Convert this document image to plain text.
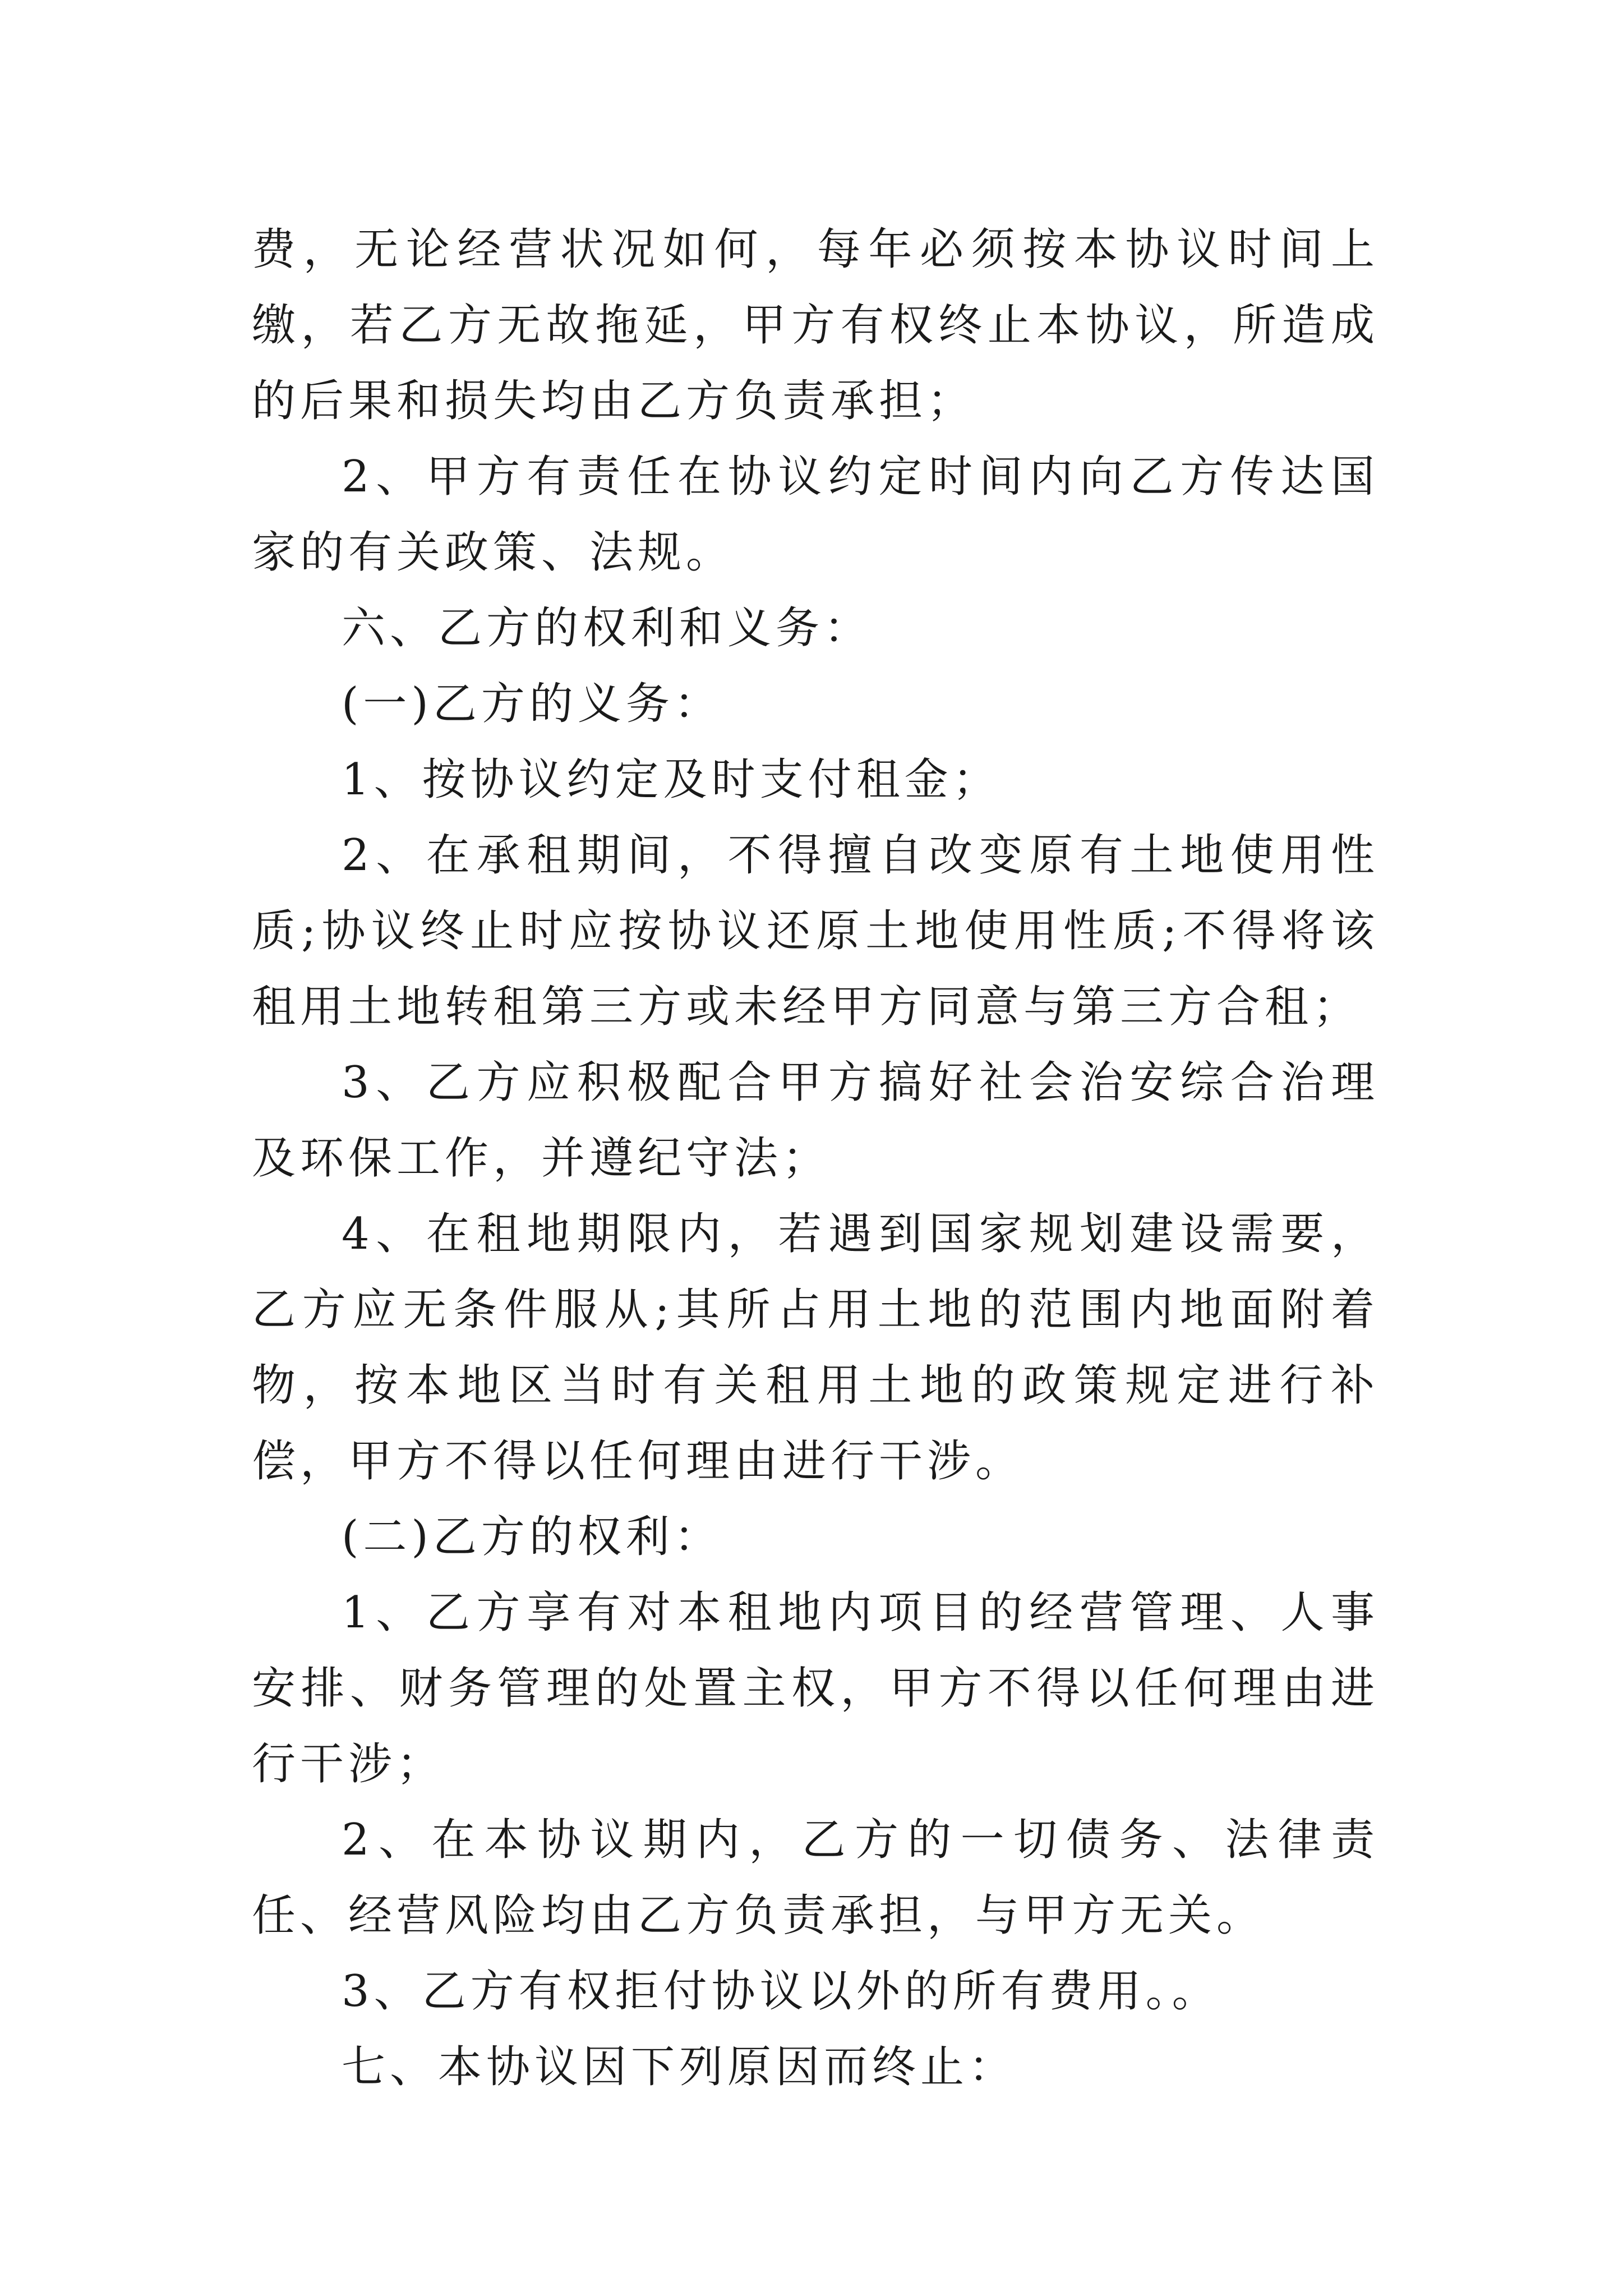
费，无论经营状况如何，每年必须按本协议时间上缴，若乙方无故拖延，甲方有权终止本协议，所造成的后果和损失均由乙方负责承担；

2、甲方有责任在协议约定时间内向乙方传达国家的有关政策、法规。

六、乙方的权利和义务：

(一)乙方的义务：

1、按协议约定及时支付租金；

2、在承租期间，不得擅自改变原有土地使用性质;协议终止时应按协议还原土地使用性质;不得将该租用土地转租第三方或未经甲方同意与第三方合租；

3、乙方应积极配合甲方搞好社会治安综合治理及环保工作，并遵纪守法；

4、在租地期限内，若遇到国家规划建设需要，乙方应无条件服从;其所占用土地的范围内地面附着物，按本地区当时有关租用土地的政策规定进行补偿，甲方不得以任何理由进行干涉。

(二)乙方的权利：

1、乙方享有对本租地内项目的经营管理、人事安排、财务管理的处置主权，甲方不得以任何理由进行干涉；

2、在本协议期内，乙方的一切债务、法律责任、经营风险均由乙方负责承担，与甲方无关。

3、乙方有权拒付协议以外的所有费用。。

七、本协议因下列原因而终止：
